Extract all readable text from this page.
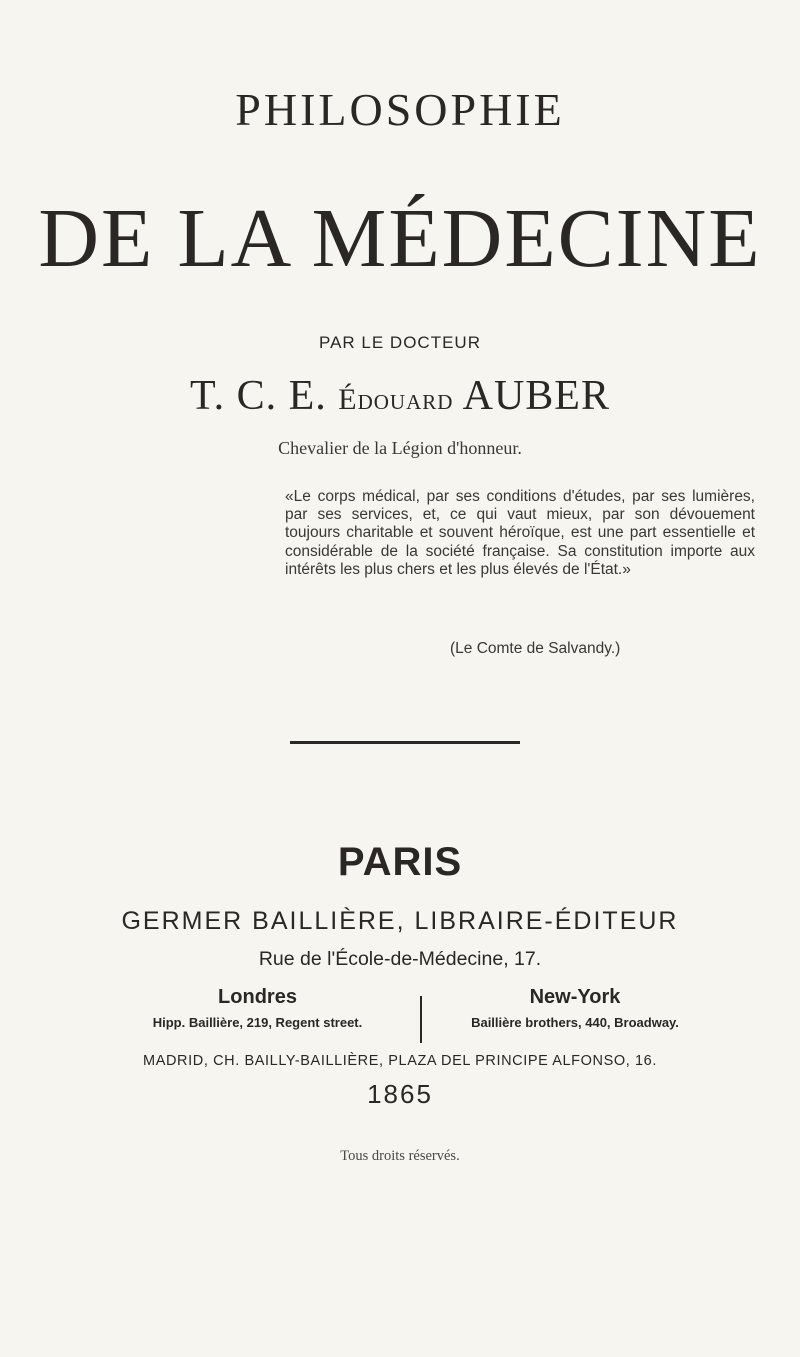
PHILOSOPHIE
DE LA MÉDECINE
PAR LE DOCTEUR
T. C. E. Édouard AUBER
Chevalier de la Légion d'honneur.
«Le corps médical, par ses conditions d'études, par ses lumières, par ses services, et, ce qui vaut mieux, par son dévouement toujours charitable et souvent héroïque, est une part essentielle et considérable de la société française. Sa constitution importe aux intérêts les plus chers et les plus élevés de l'État.»
(Le Comte de Salvandy.)
PARIS
GERMER BAILLIÈRE, LIBRAIRE-ÉDITEUR
Rue de l'École-de-Médecine, 17.
Londres
Hipp. Baillière, 219, Regent street.
New-York
Baillière brothers, 440, Broadway.
MADRID, CH. BAILLY-BAILLIÈRE, PLAZA DEL PRINCIPE ALFONSO, 16.
1865
Tous droits réservés.
